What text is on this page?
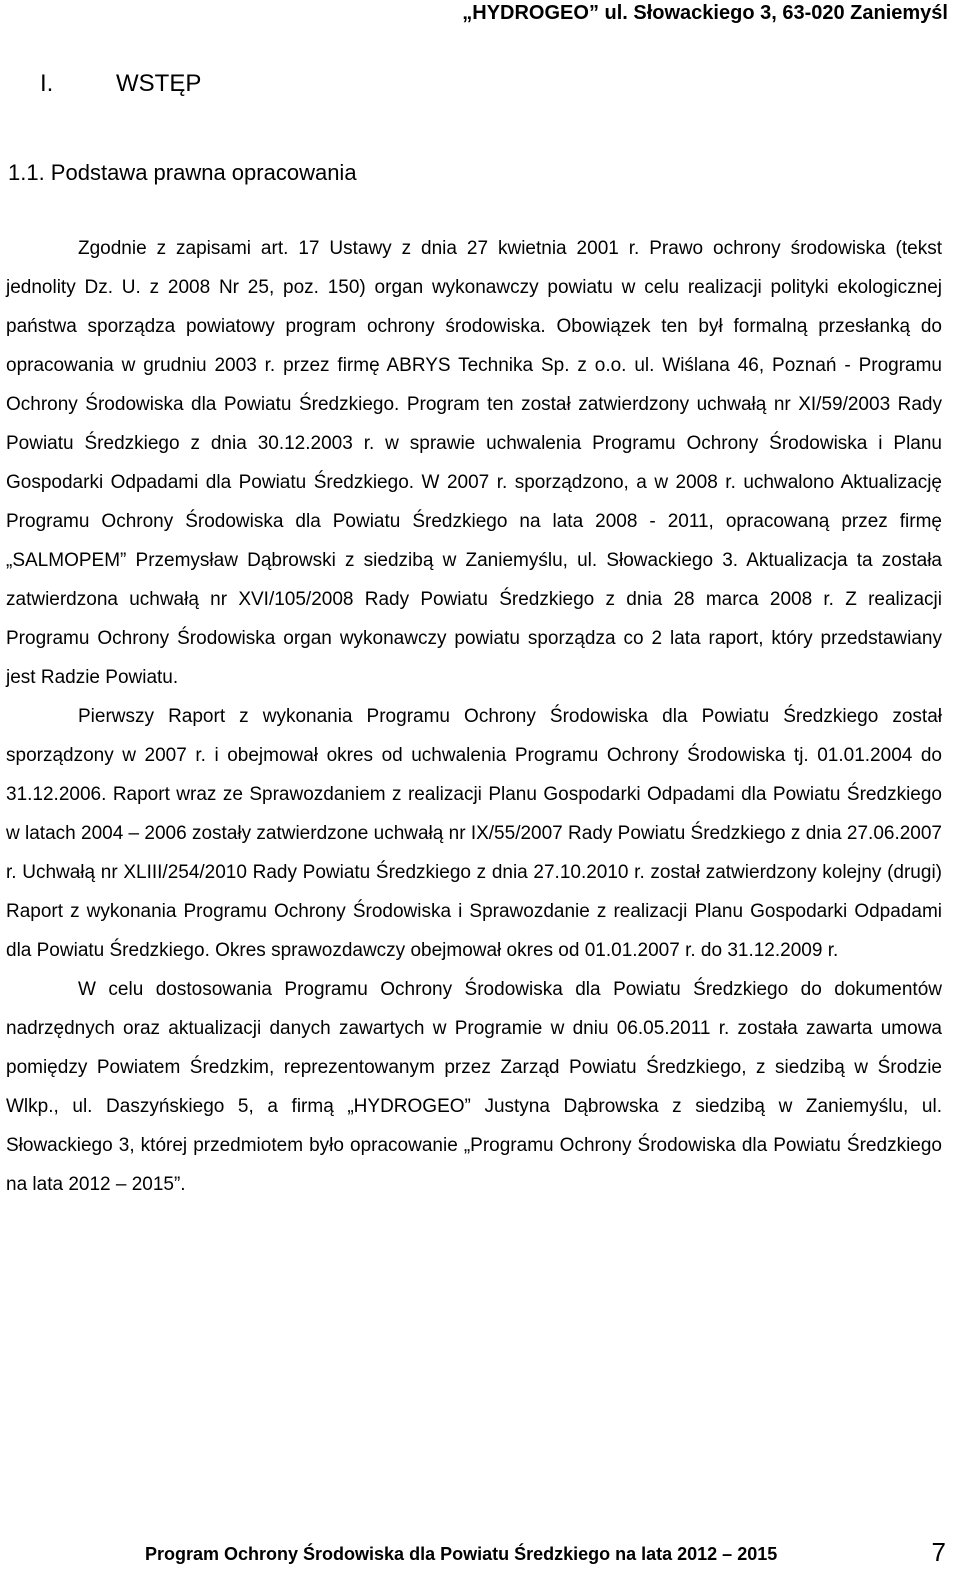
„HYDROGEO” ul. Słowackiego 3, 63-020 Zaniemyśl
I.	WSTĘP
1.1. Podstawa prawna opracowania

Zgodnie z zapisami art. 17 Ustawy z dnia 27 kwietnia 2001 r. Prawo ochrony środowiska (tekst jednolity Dz. U. z 2008 Nr 25, poz. 150) organ wykonawczy powiatu w celu realizacji polityki ekologicznej państwa sporządza powiatowy program ochrony środowiska. Obowiązek ten był formalną przesłanką do opracowania w grudniu 2003 r. przez firmę ABRYS Technika Sp. z o.o. ul. Wiślana 46, Poznań - Programu Ochrony Środowiska dla Powiatu Średzkiego. Program ten został zatwierdzony uchwałą nr XI/59/2003 Rady Powiatu Średzkiego z dnia 30.12.2003 r. w sprawie uchwalenia Programu Ochrony Środowiska i Planu Gospodarki Odpadami dla Powiatu Średzkiego. W 2007 r. sporządzono, a w 2008 r. uchwalono Aktualizację Programu Ochrony Środowiska dla Powiatu Średzkiego na lata 2008 - 2011, opracowaną przez firmę „SALMOPEM” Przemysław Dąbrowski z siedzibą w Zaniemyślu, ul. Słowackiego 3. Aktualizacja ta została zatwierdzona uchwałą nr XVI/105/2008 Rady Powiatu Średzkiego z dnia 28 marca 2008 r. Z realizacji Programu Ochrony Środowiska organ wykonawczy powiatu sporządza co 2 lata raport, który przedstawiany jest Radzie Powiatu.

Pierwszy Raport z wykonania Programu Ochrony Środowiska dla Powiatu Średzkiego został sporządzony w 2007 r. i obejmował okres od uchwalenia Programu Ochrony Środowiska tj. 01.01.2004 do 31.12.2006. Raport wraz ze Sprawozdaniem z realizacji Planu Gospodarki Odpadami dla Powiatu Średzkiego w latach 2004 – 2006 zostały zatwierdzone uchwałą nr IX/55/2007 Rady Powiatu Średzkiego z dnia 27.06.2007 r. Uchwałą nr XLIII/254/2010 Rady Powiatu Średzkiego z dnia 27.10.2010 r. został zatwierdzony kolejny (drugi) Raport z wykonania Programu Ochrony Środowiska i Sprawozdanie z realizacji Planu Gospodarki Odpadami dla Powiatu Średzkiego. Okres sprawozdawczy obejmował okres od 01.01.2007 r. do 31.12.2009 r.

W celu dostosowania Programu Ochrony Środowiska dla Powiatu Średzkiego do dokumentów nadrzędnych oraz aktualizacji danych zawartych w Programie w dniu 06.05.2011 r. została zawarta umowa pomiędzy Powiatem Średzkim, reprezentowanym przez Zarząd Powiatu Średzkiego, z siedzibą w Środzie Wlkp., ul. Daszyńskiego 5, a firmą „HYDROGEO” Justyna Dąbrowska z siedzibą w Zaniemyślu, ul. Słowackiego 3, której przedmiotem było opracowanie „Programu Ochrony Środowiska dla Powiatu Średzkiego na lata 2012 – 2015”.

Program Ochrony Środowiska dla Powiatu Średzkiego na lata 2012 – 2015	7
